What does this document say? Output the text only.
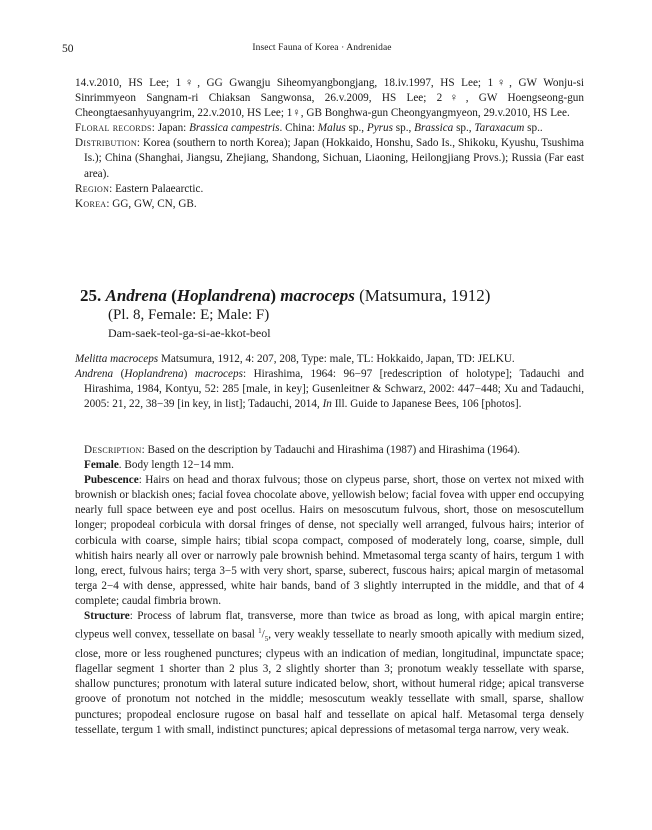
50	Insect Fauna of Korea · Andrenidae

14.v.2010, HS Lee; 1♀, GG Gwangju Siheomyangbongjang, 18.iv.1997, HS Lee; 1♀, GW Wonju-si Sinrimmyeon Sangnam-ri Chiaksan Sangwonsa, 26.v.2009, HS Lee; 2♀, GW Hoengseong-gun Cheongtaesanhyuyangrim, 22.v.2010, HS Lee; 1♀, GB Bonghwa-gun Cheongyangmyeon, 29.v.2010, HS Lee.

Floral records: Japan: Brassica campestris. China: Malus sp., Pyrus sp., Brassica sp., Taraxacum sp..

Distribution: Korea (southern to north Korea); Japan (Hokkaido, Honshu, Sado Is., Shikoku, Kyushu, Tsushima Is.); China (Shanghai, Jiangsu, Zhejiang, Shandong, Sichuan, Liaoning, Heilongjiang Provs.); Russia (Far east area).

Region: Eastern Palaearctic.

Korea: GG, GW, CN, GB.

25. Andrena (Hoplandrena) macroceps (Matsumura, 1912)
(Pl. 8, Female: E; Male: F)
Dam-saek-teol-ga-si-ae-kkot-beol

Melitta macroceps Matsumura, 1912, 4: 207, 208, Type: male, TL: Hokkaido, Japan, TD: JELKU.

Andrena (Hoplandrena) macroceps: Hirashima, 1964: 96−97 [redescription of holotype]; Tadauchi and Hirashima, 1984, Kontyu, 52: 285 [male, in key]; Gusenleitner & Schwarz, 2002: 447−448; Xu and Tadauchi, 2005: 21, 22, 38−39 [in key, in list]; Tadauchi, 2014, In Ill. Guide to Japanese Bees, 106 [photos].

Description: Based on the description by Tadauchi and Hirashima (1987) and Hirashima (1964).

Female. Body length 12−14 mm.

Pubescence: Hairs on head and thorax fulvous; those on clypeus parse, short, those on vertex not mixed with brownish or blackish ones; facial fovea chocolate above, yellowish below; facial fovea with upper end occupying nearly full space between eye and post ocellus. Hairs on mesoscutum fulvous, short, those on mesoscutellum longer; propodeal corbicula with dorsal fringes of dense, not specially well arranged, fulvous hairs; interior of corbicula with coarse, simple hairs; tibial scopa compact, composed of moderately long, coarse, simple, dull whitish hairs nearly all over or narrowly pale brownish behind. Mmetasomal terga scanty of hairs, tergum 1 with long, erect, fulvous hairs; terga 3−5 with very short, sparse, suberect, fuscous hairs; apical margin of metasomal terga 2−4 with dense, appressed, white hair bands, band of 3 slightly interrupted in the middle, and that of 4 complete; caudal fimbria brown.

Structure: Process of labrum flat, transverse, more than twice as broad as long, with apical margin entire; clypeus well convex, tessellate on basal $^1/_5$, very weakly tessellate to nearly smooth apically with medium sized, close, more or less roughened punctures; clypeus with an indication of median, longitudinal, impunctate space; flagellar segment 1 shorter than 2 plus 3, 2 slightly shorter than 3; pronotum weakly tessellate with sparse, shallow punctures; pronotum with lateral suture indicated below, short, without humeral ridge; apical transverse groove of pronotum not notched in the middle; mesoscutum weakly tessellate with small, sparse, shallow punctures; propodeal enclosure rugose on basal half and tessellate on apical half. Metasomal terga densely tessellate, tergum 1 with small, indistinct punctures; apical depressions of metasomal terga narrow, very weak.
